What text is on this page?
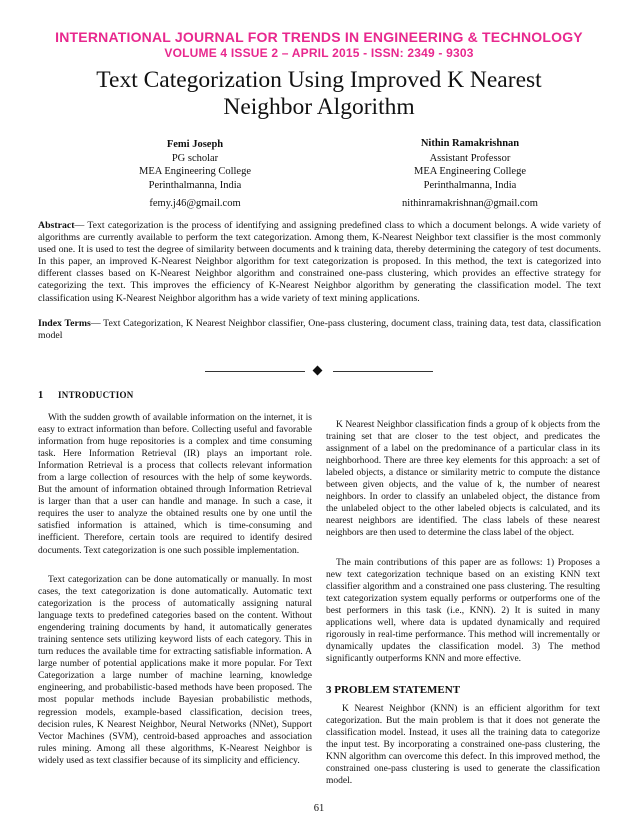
INTERNATIONAL JOURNAL FOR TRENDS IN ENGINEERING & TECHNOLOGY
VOLUME 4 ISSUE 2 – APRIL 2015 - ISSN: 2349 - 9303
Text Categorization Using Improved K Nearest
Neighbor Algorithm
Femi Joseph
PG scholar
MEA Engineering College
Perinthalmanna, India
femy.j46@gmail.com
Nithin Ramakrishnan
Assistant Professor
MEA Engineering College
Perinthalmanna, India
nithinramakrishnan@gmail.com
Abstract— Text categorization is the process of identifying and assigning predefined class to which a document belongs. A wide variety of algorithms are currently available to perform the text categorization. Among them, K-Nearest Neighbor text classifier is the most commonly used one. It is used to test the degree of similarity between documents and k training data, thereby determining the category of test documents. In this paper, an improved K-Nearest Neighbor algorithm for text categorization is proposed. In this method, the text is categorized into different classes based on K-Nearest Neighbor algorithm and constrained one-pass clustering, which provides an effective strategy for categorizing the text. This improves the efficiency of K-Nearest Neighbor algorithm by generating the classification model. The text classification using K-Nearest Neighbor algorithm has a wide variety of text mining applications.
Index Terms— Text Categorization, K Nearest Neighbor classifier, One-pass clustering, document class, training data, test data, classification model
1 INTRODUCTION

With the sudden growth of available information on the internet, it is easy to extract information than before. Collecting useful and favorable information from huge repositories is a complex and time consuming task. Here Information Retrieval (IR) plays an important role. Information Retrieval is a process that collects relevant information from a large collection of resources with the help of some keywords. But the amount of information obtained through Information Retrieval is larger than that a user can handle and manage. In such a case, it requires the user to analyze the obtained results one by one until the satisfied information is attained, which is time-consuming and inefficient. Therefore, certain tools are required to identify desired documents. Text categorization is one such possible implementation.

Text categorization can be done automatically or manually. In most cases, the text categorization is done automatically. Automatic text categorization is the process of automatically assigning natural language texts to predefined categories based on the content. Without engendering training documents by hand, it automatically generates training sentence sets utilizing keyword lists of each category. This in turn reduces the available time for extracting satisfiable information. A large number of potential applications make it more popular. For Text Categorization a large number of machine learning, knowledge engineering, and probabilistic-based methods have been proposed. The most popular methods include Bayesian probabilistic methods, regression models, example-based classification, decision trees, decision rules, K Nearest Neighbor, Neural Networks (NNet), Support Vector Machines (SVM), centroid-based approaches and association rules mining. Among all these algorithms, K-Nearest Neighbor is widely used as text classifier because of its simplicity and efficiency.

K Nearest Neighbor classification finds a group of k objects from the training set that are closer to the test object, and predicates the assignment of a label on the predominance of a particular class in its neighborhood. There are three key elements for this approach: a set of labeled objects, a distance or similarity metric to compute the distance between given objects, and the value of k, the number of nearest neighbors. In order to classify an unlabeled object, the distance from the unlabeled object to the other labeled objects is calculated, and its nearest neighbors are identified. The class labels of these nearest neighbors are then used to determine the class label of the object.

The main contributions of this paper are as follows: 1) Proposes a new text categorization technique based on an existing KNN text classifier algorithm and a constrained one pass clustering. The resulting text categorization system equally performs or outperforms one of the best performers in this task (i.e., KNN). 2) It is suited in many applications well, where data is updated dynamically and required rigorously in real-time performance. This method will incrementally or dynamically updates the classification model. 3) The method significantly outperforms KNN and more effective.

3 PROBLEM STATEMENT

K Nearest Neighbor (KNN) is an efficient algorithm for text categorization. But the main problem is that it does not generate the classification model. Instead, it uses all the training data to categorize the input test. By incorporating a constrained one-pass clustering, the KNN algorithm can overcome this defect. In this improved method, the constrained one-pass clustering is used to generate the classification model.

61
